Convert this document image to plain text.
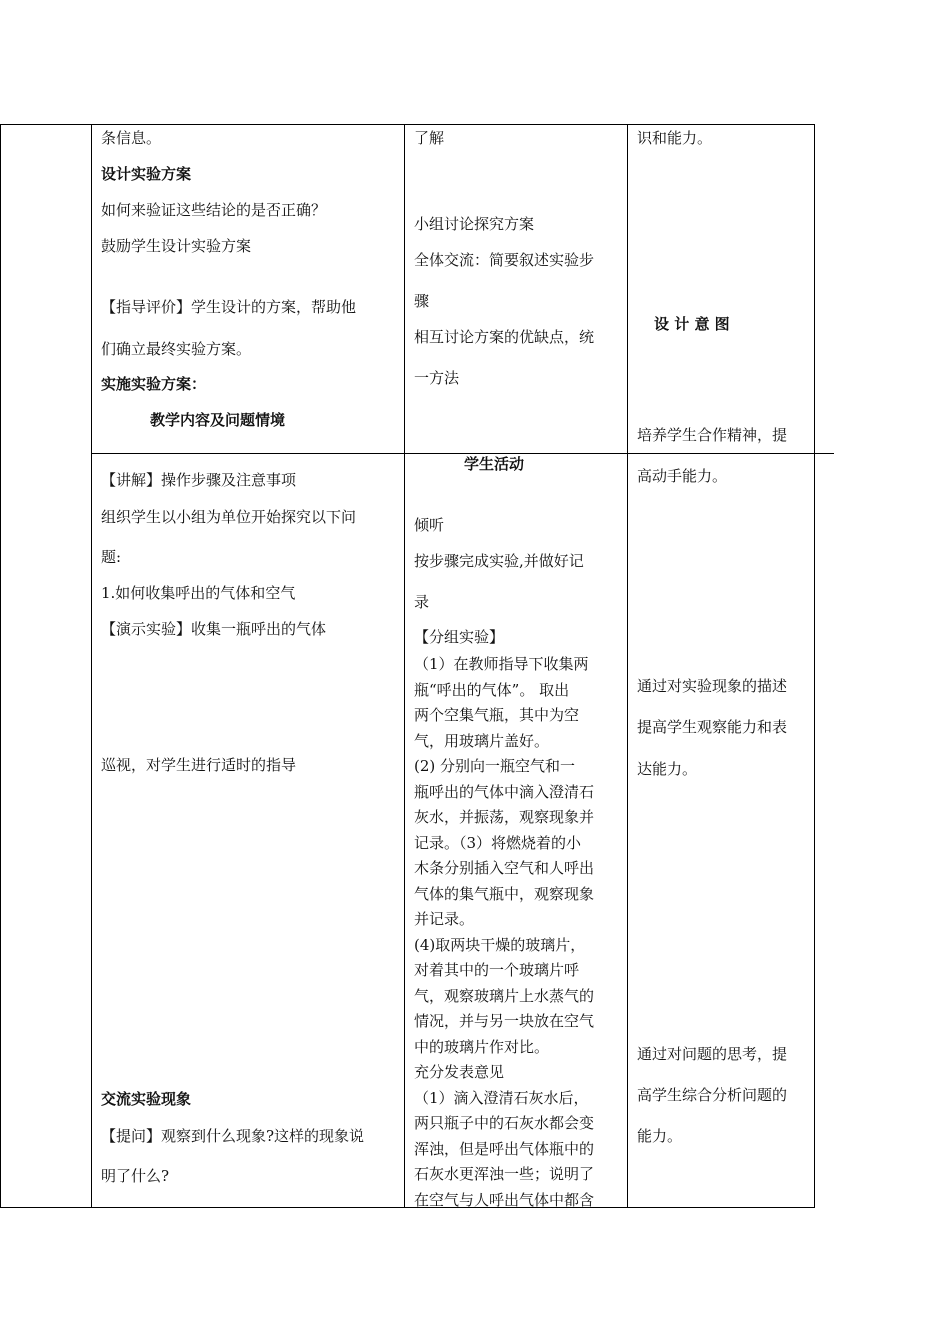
条信息。
设计实验方案
如何来验证这些结论的是否正确？
鼓励学生设计实验方案
【指导评价】学生设计的方案，帮助他
们确立最终实验方案。
实施实验方案：
教学内容及问题情境
【讲解】操作步骤及注意事项
组织学生以小组为单位开始探究以下问
题:
1.如何收集呼出的气体和空气
【演示实验】收集一瓶呼出的气体
巡视，对学生进行适时的指导
交流实验现象
【提问】观察到什么现象?这样的现象说
明了什么?
了解
小组讨论探究方案
全体交流：简要叙述实验步
骤
相互讨论方案的优缺点，统
一方法
学生活动
倾听
按步骤完成实验,并做好记
录
【分组实验】
（1）在教师指导下收集两
瓶“呼出的气体”。 取出
两个空集气瓶，其中为空
气，用玻璃片盖好。
(2) 分别向一瓶空气和一
瓶呼出的气体中滴入澄清石
灰水，并振荡，观察现象并
记录。（3）将燃烧着的小
木条分别插入空气和人呼出
气体的集气瓶中，观察现象
并记录。
(4)取两块干燥的玻璃片，
对着其中的一个玻璃片呼
气，观察玻璃片上水蒸气的
情况，并与另一块放在空气
中的玻璃片作对比。
充分发表意见
（1）滴入澄清石灰水后，
两只瓶子中的石灰水都会变
浑浊，但是呼出气体瓶中的
石灰水更浑浊一些；说明了
在空气与人呼出气体中都含
识和能力。
设 计 意 图
培养学生合作精神，提
高动手能力。
通过对实验现象的描述
提高学生观察能力和表
达能力。
通过对问题的思考，提
高学生综合分析问题的
能力。
